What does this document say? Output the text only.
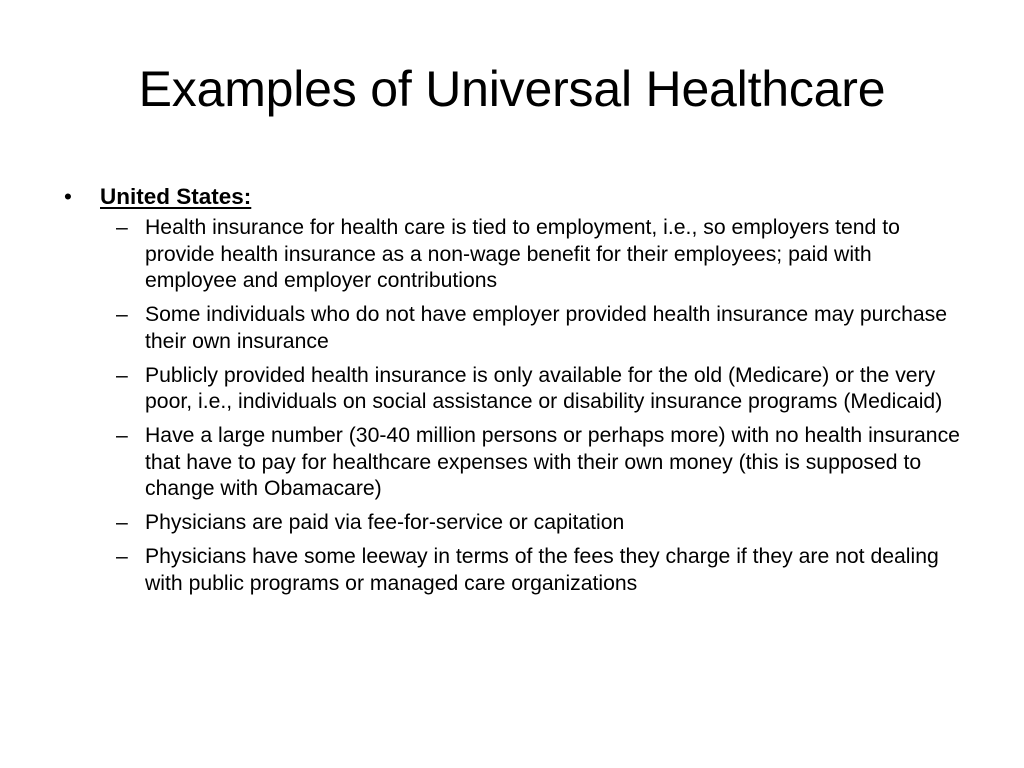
Examples of Universal Healthcare
•	United States:
– Health insurance for health care is tied to employment, i.e., so employers tend to provide health insurance as a non-wage benefit for their employees; paid with employee and employer contributions
– Some individuals who do not have employer provided health insurance may purchase their own insurance
– Publicly provided health insurance is only available for the old (Medicare) or the very poor, i.e., individuals on social assistance or disability insurance programs (Medicaid)
– Have a large number (30-40 million persons or perhaps more) with no health insurance that have to pay for healthcare expenses with their own money (this is supposed to change with Obamacare)
– Physicians are paid via fee-for-service or capitation
– Physicians have some leeway in terms of the fees they charge if they are not dealing with public programs or managed care organizations
